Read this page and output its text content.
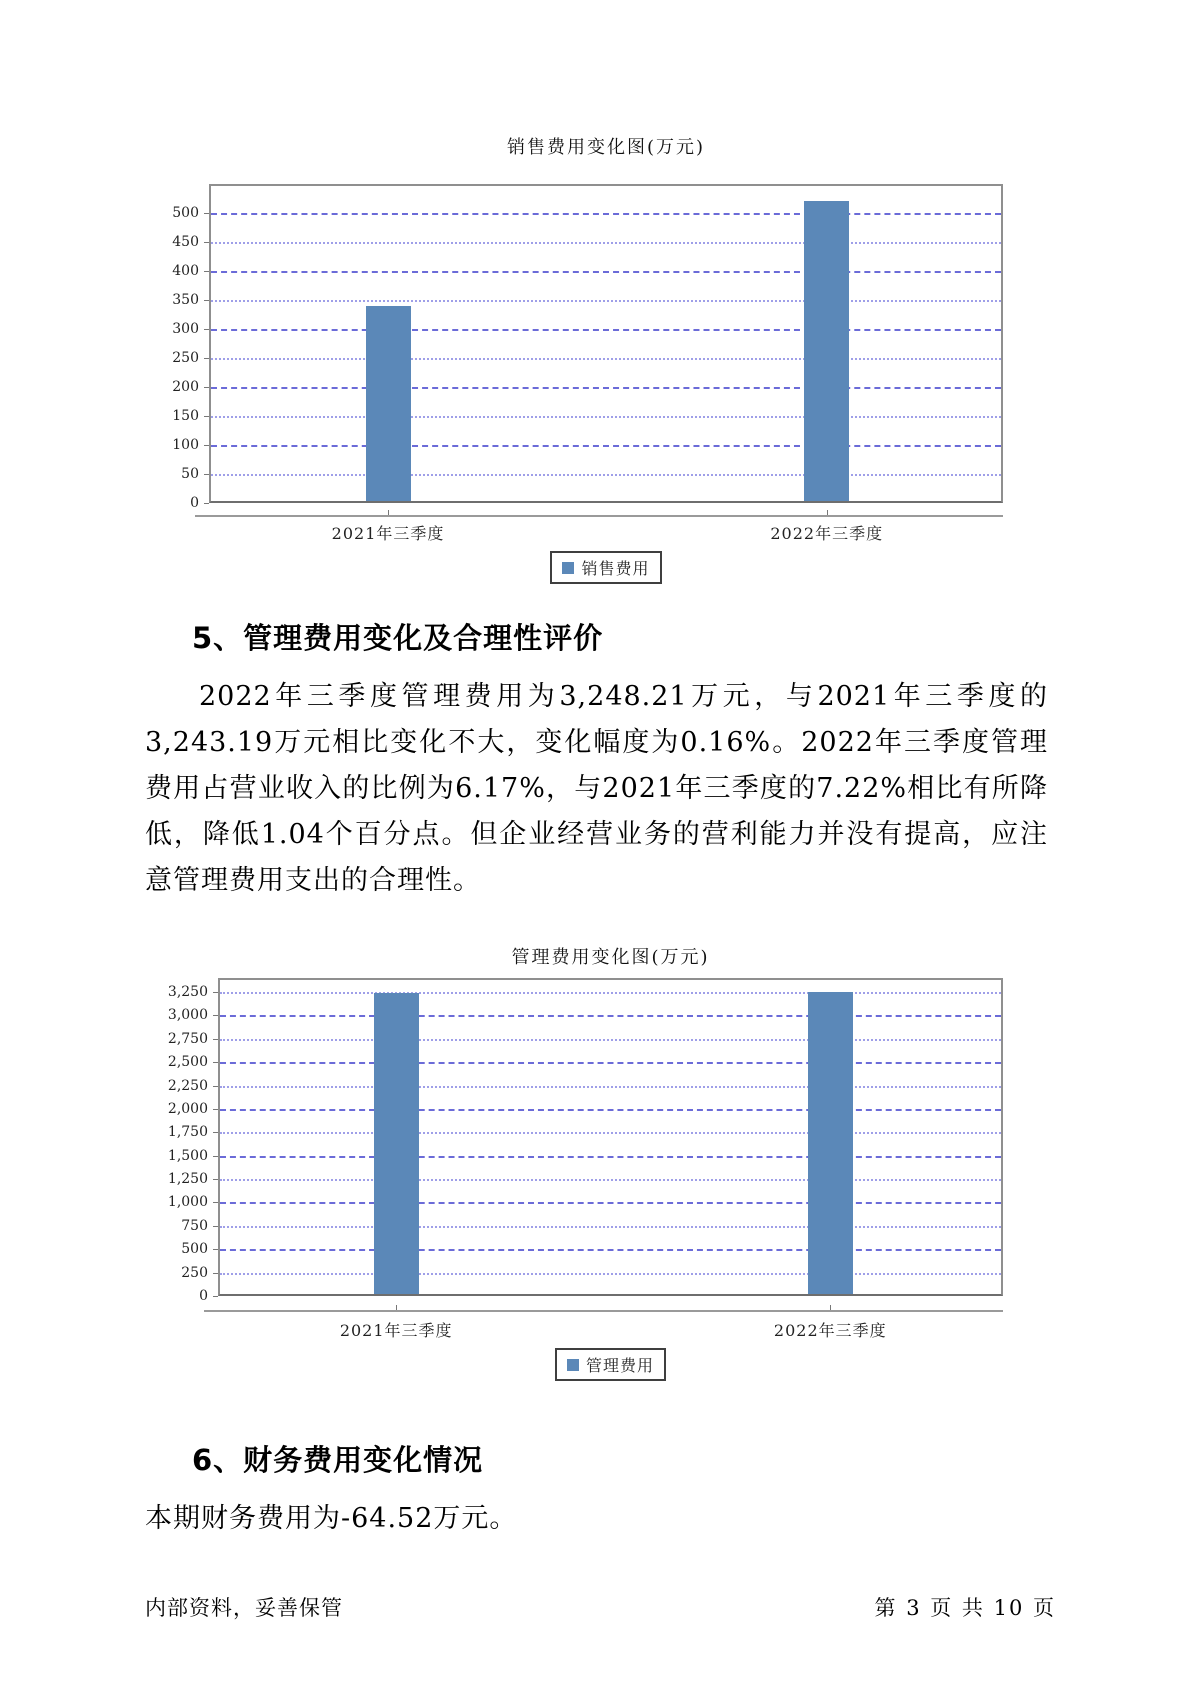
销售费用变化图(万元)
0
50
100
150
200
250
300
350
400
450
500
2021年三季度	2022年三季度
销售费用
5、管理费用变化及合理性评价
2022年三季度管理费用为3,248.21万元，与2021年三季度的3,243.19万元相比变化不大，变化幅度为0.16%。2022年三季度管理费用占营业收入的比例为6.17%，与2021年三季度的7.22%相比有所降低，降低1.04个百分点。但企业经营业务的营利能力并没有提高，应注意管理费用支出的合理性。
管理费用变化图(万元)
0
250
500
750
1,000
1,250
1,500
1,750
2,000
2,250
2,500
2,750
3,000
3,250
2021年三季度	2022年三季度
管理费用
6、财务费用变化情况
本期财务费用为-64.52万元。
内部资料，妥善保管	第 3 页 共 10 页
